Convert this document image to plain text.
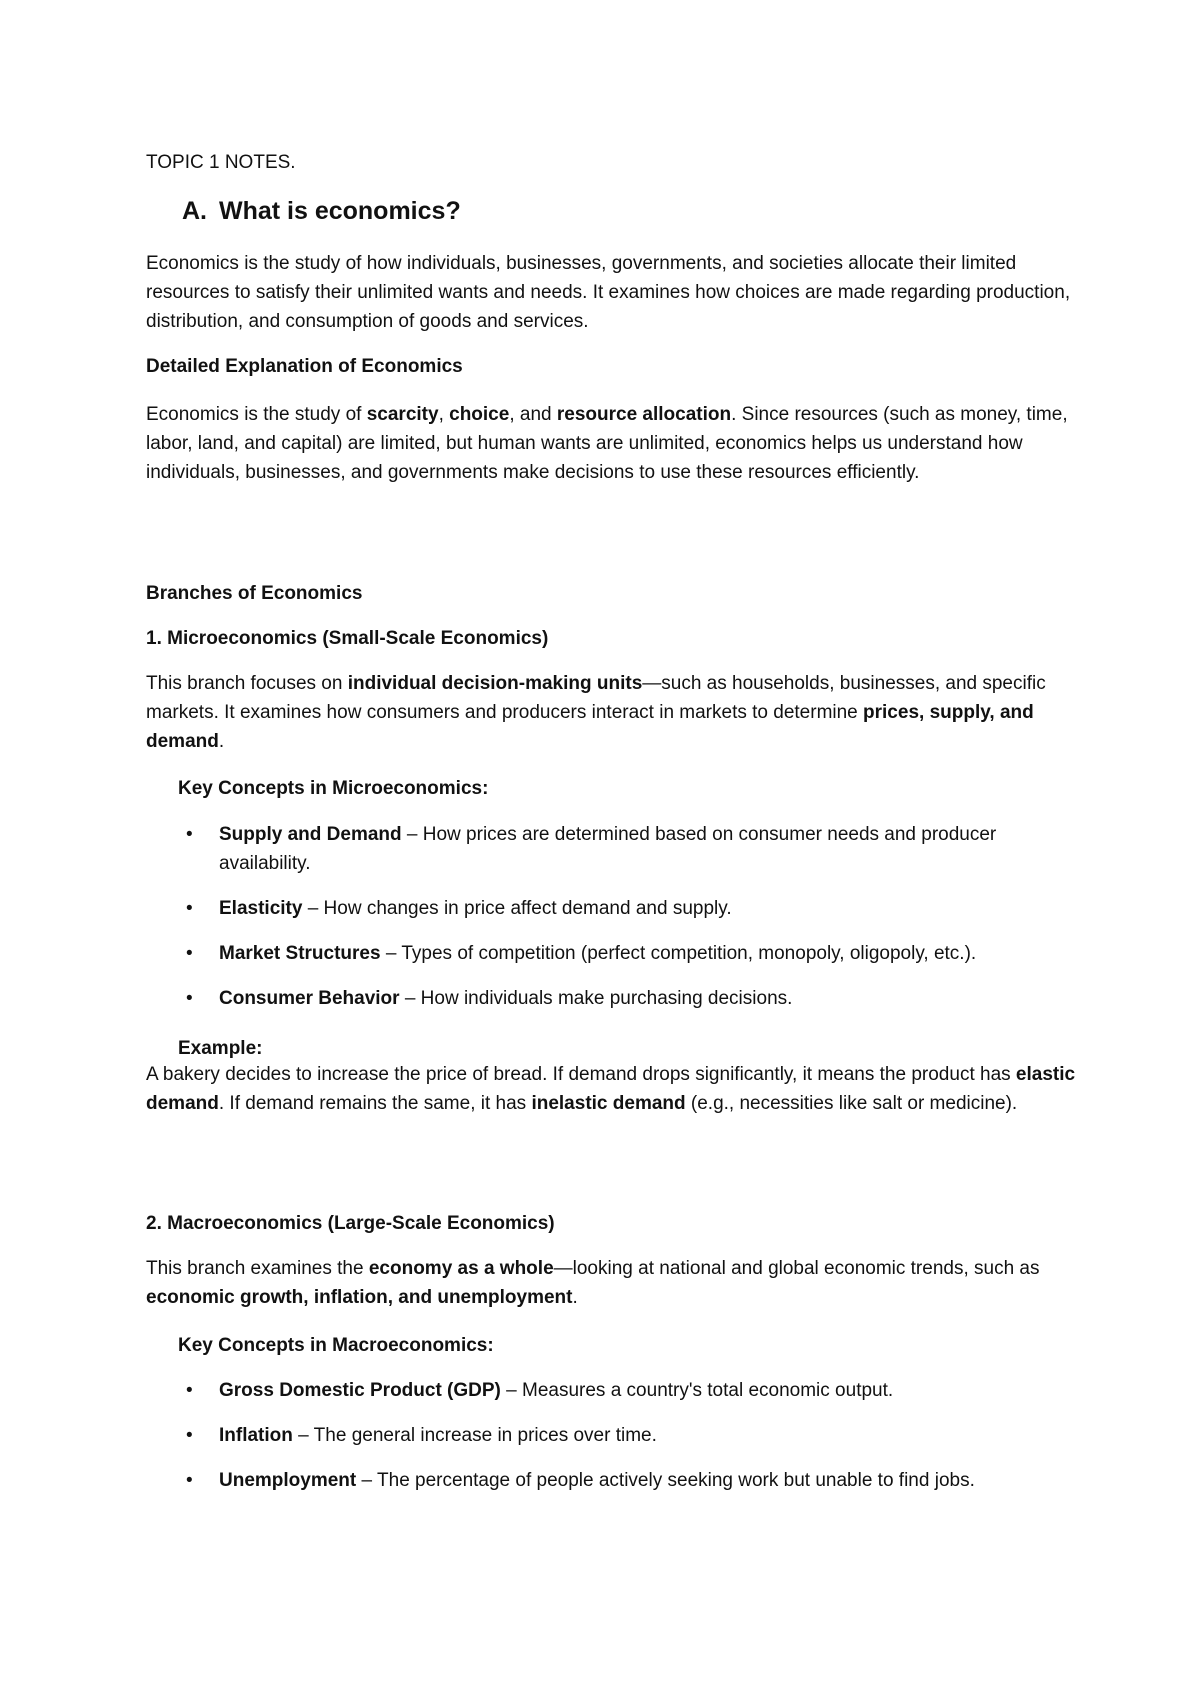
TOPIC 1 NOTES.

A. What is economics?

Economics is the study of how individuals, businesses, governments, and societies allocate their limited resources to satisfy their unlimited wants and needs. It examines how choices are made regarding production, distribution, and consumption of goods and services.

Detailed Explanation of Economics

Economics is the study of scarcity, choice, and resource allocation. Since resources (such as money, time, labor, land, and capital) are limited, but human wants are unlimited, economics helps us understand how individuals, businesses, and governments make decisions to use these resources efficiently.

Branches of Economics

1. Microeconomics (Small-Scale Economics)

This branch focuses on individual decision-making units—such as households, businesses, and specific markets. It examines how consumers and producers interact in markets to determine prices, supply, and demand.

Key Concepts in Microeconomics:

• Supply and Demand – How prices are determined based on consumer needs and producer availability.
• Elasticity – How changes in price affect demand and supply.
• Market Structures – Types of competition (perfect competition, monopoly, oligopoly, etc.).
• Consumer Behavior – How individuals make purchasing decisions.

Example:

A bakery decides to increase the price of bread. If demand drops significantly, it means the product has elastic demand. If demand remains the same, it has inelastic demand (e.g., necessities like salt or medicine).

2. Macroeconomics (Large-Scale Economics)

This branch examines the economy as a whole—looking at national and global economic trends, such as economic growth, inflation, and unemployment.

Key Concepts in Macroeconomics:

• Gross Domestic Product (GDP) – Measures a country's total economic output.
• Inflation – The general increase in prices over time.
• Unemployment – The percentage of people actively seeking work but unable to find jobs.
